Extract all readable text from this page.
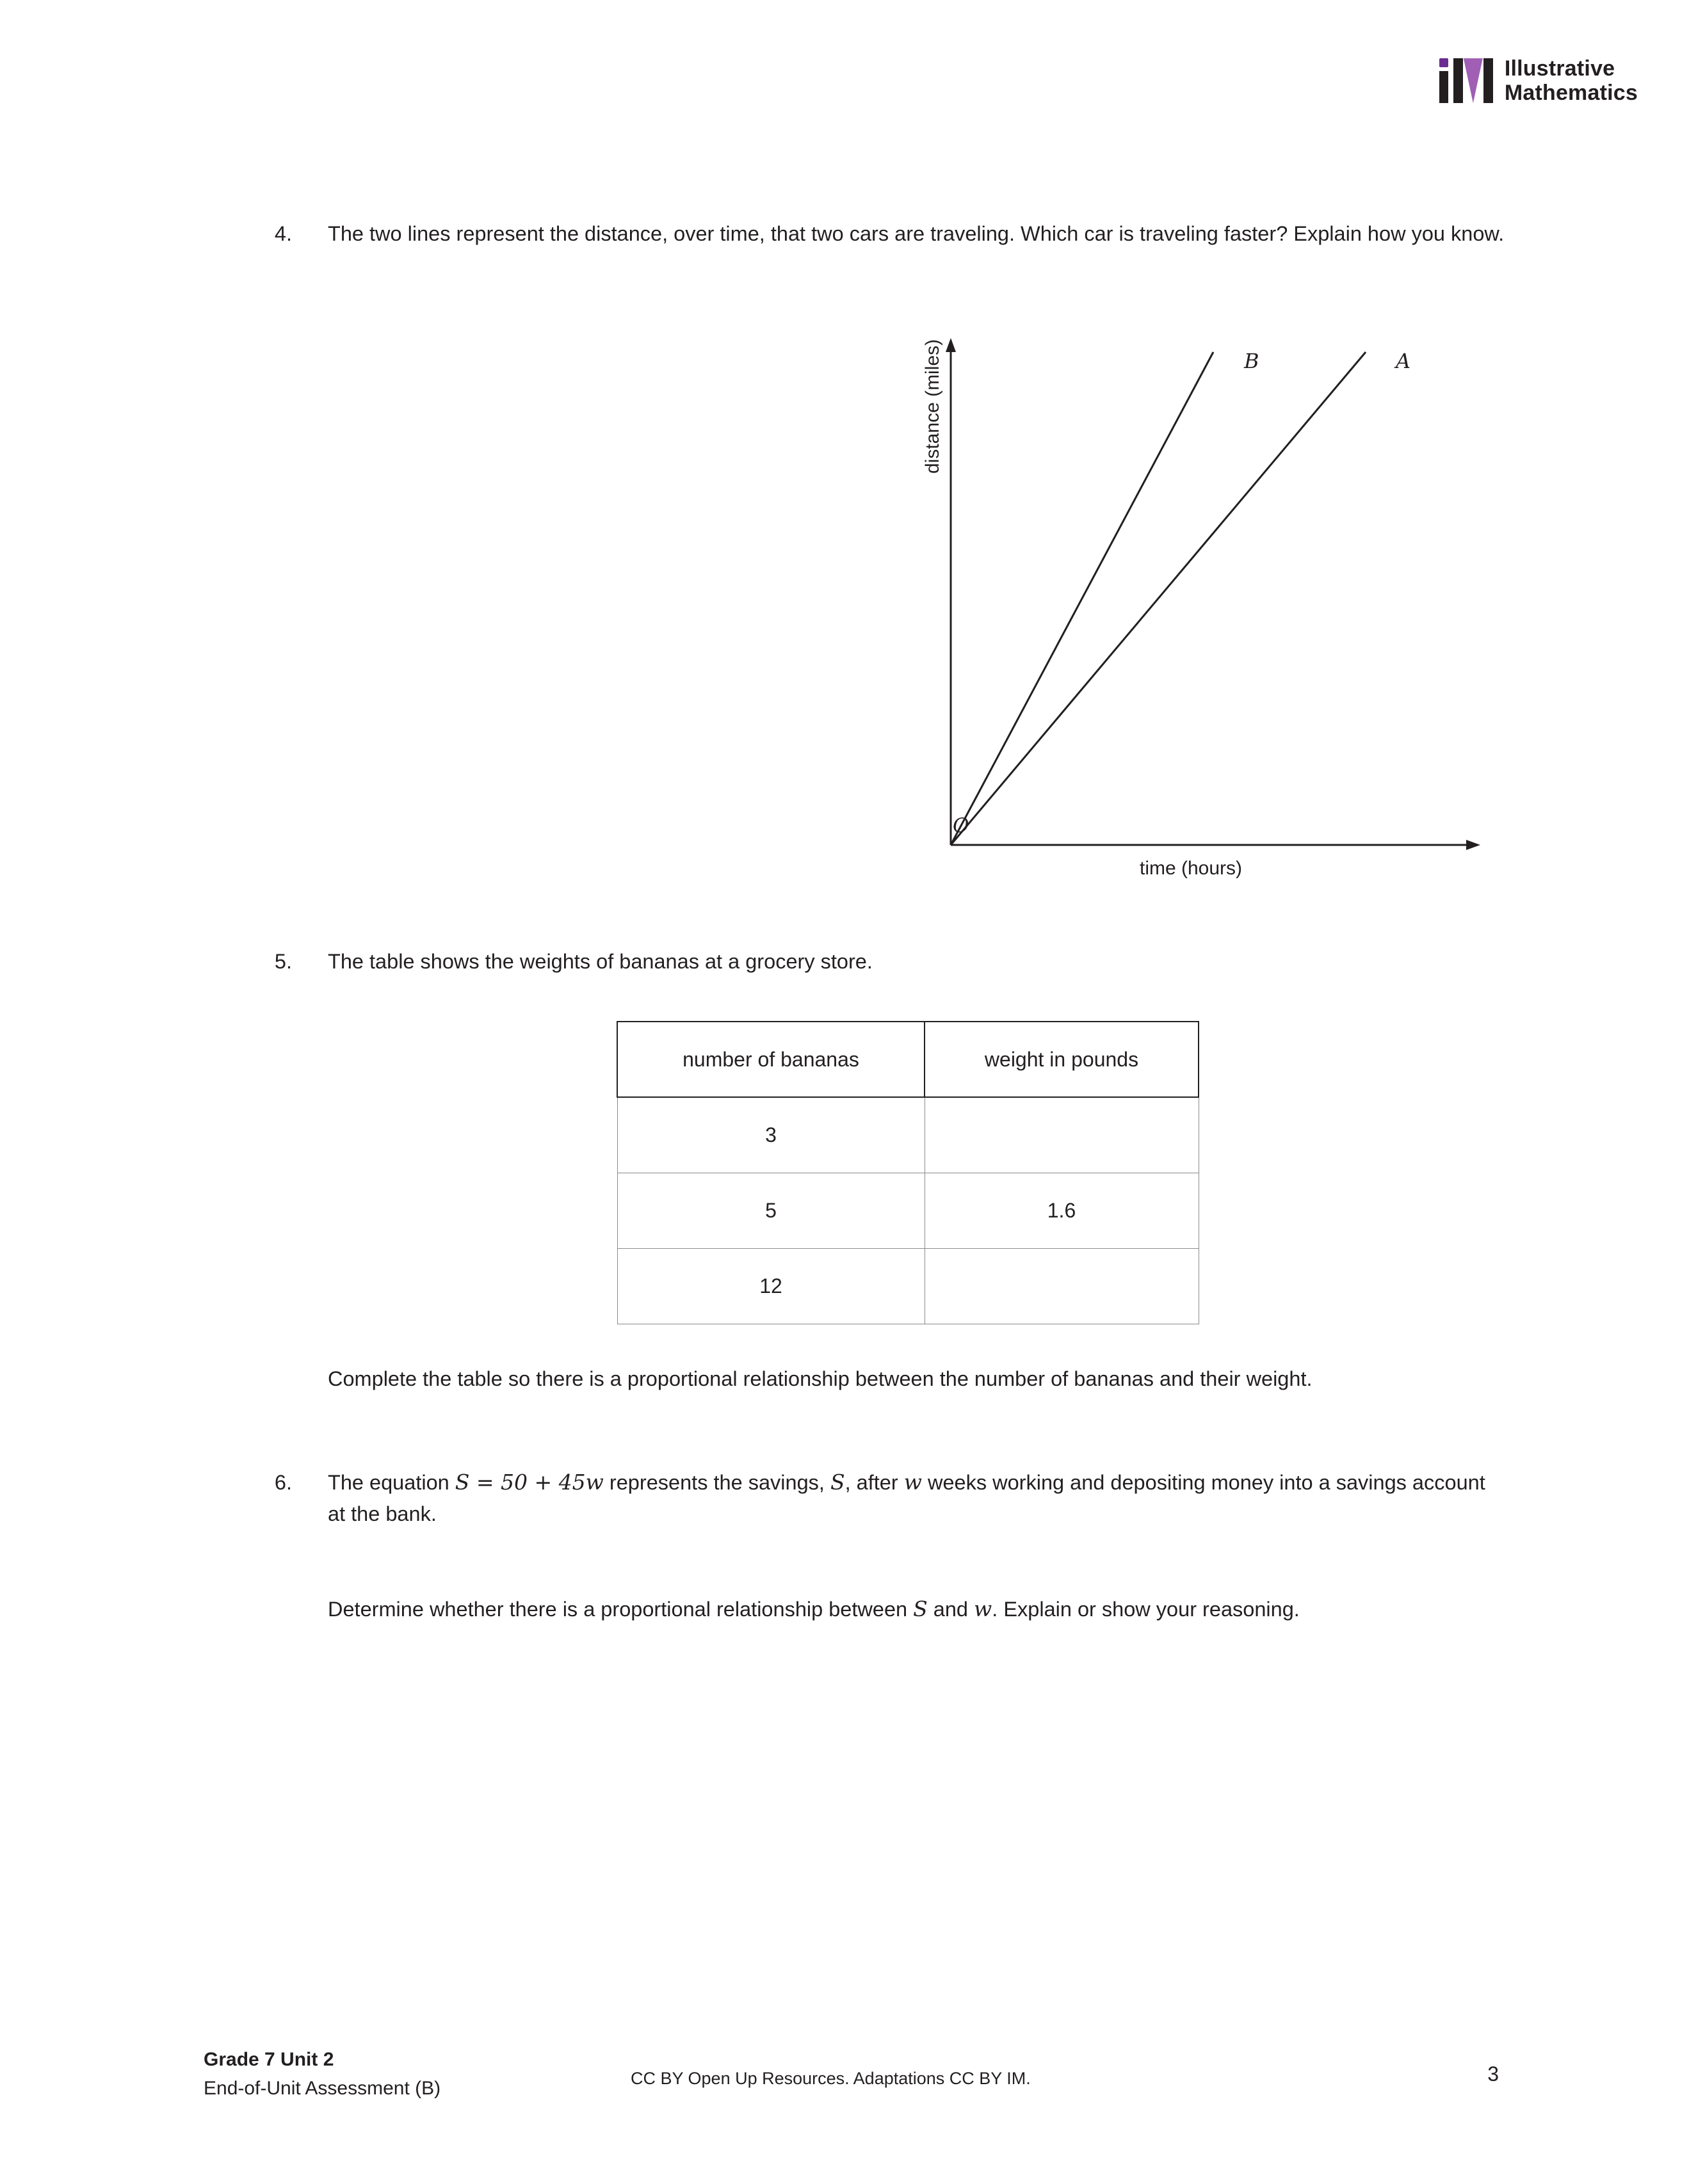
Illustrative
Mathematics
4. The two lines represent the distance, over time, that two cars are traveling. Which car is traveling faster? Explain how you know.
distance (miles)
time (hours)
O
B	A
5. The table shows the weights of bananas at a grocery store.
number of bananas	weight in pounds
3	
5	1.6
12	
Complete the table so there is a proportional relationship between the number of bananas and their weight.
6. The equation S = 50 + 45w represents the savings, S, after w weeks working and depositing money into a savings account at the bank.
Determine whether there is a proportional relationship between S and w. Explain or show your reasoning.
Grade 7 Unit 2
End-of-Unit Assessment (B)	CC BY Open Up Resources. Adaptations CC BY IM.	3
